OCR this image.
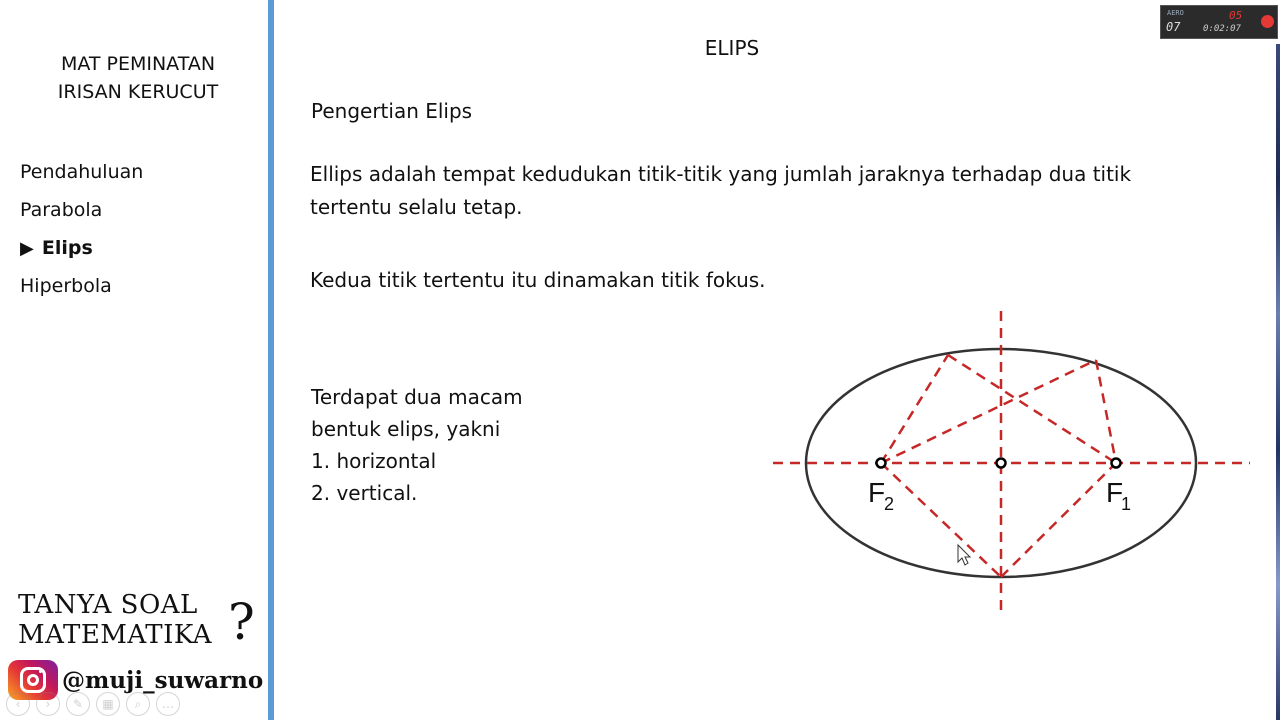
MAT PEMINATAN
IRISAN KERUCUT
Pendahuluan
Parabola
▶ Elips
Hiperbola
TANYA SOAL
MATEMATIKA ?
@muji_suwarno
‹	›	✎	▦	⌕	…
ELIPS
Pengertian Elips
Ellips adalah tempat kedudukan titik-titik yang jumlah jaraknya terhadap dua titik tertentu selalu tetap.
Kedua titik tertentu itu dinamakan titik fokus.
Terdapat dua macam
bentuk elips, yakni
1. horizontal
2. vertical.	F
2	F
1
AERO
07
05
0:02:07
